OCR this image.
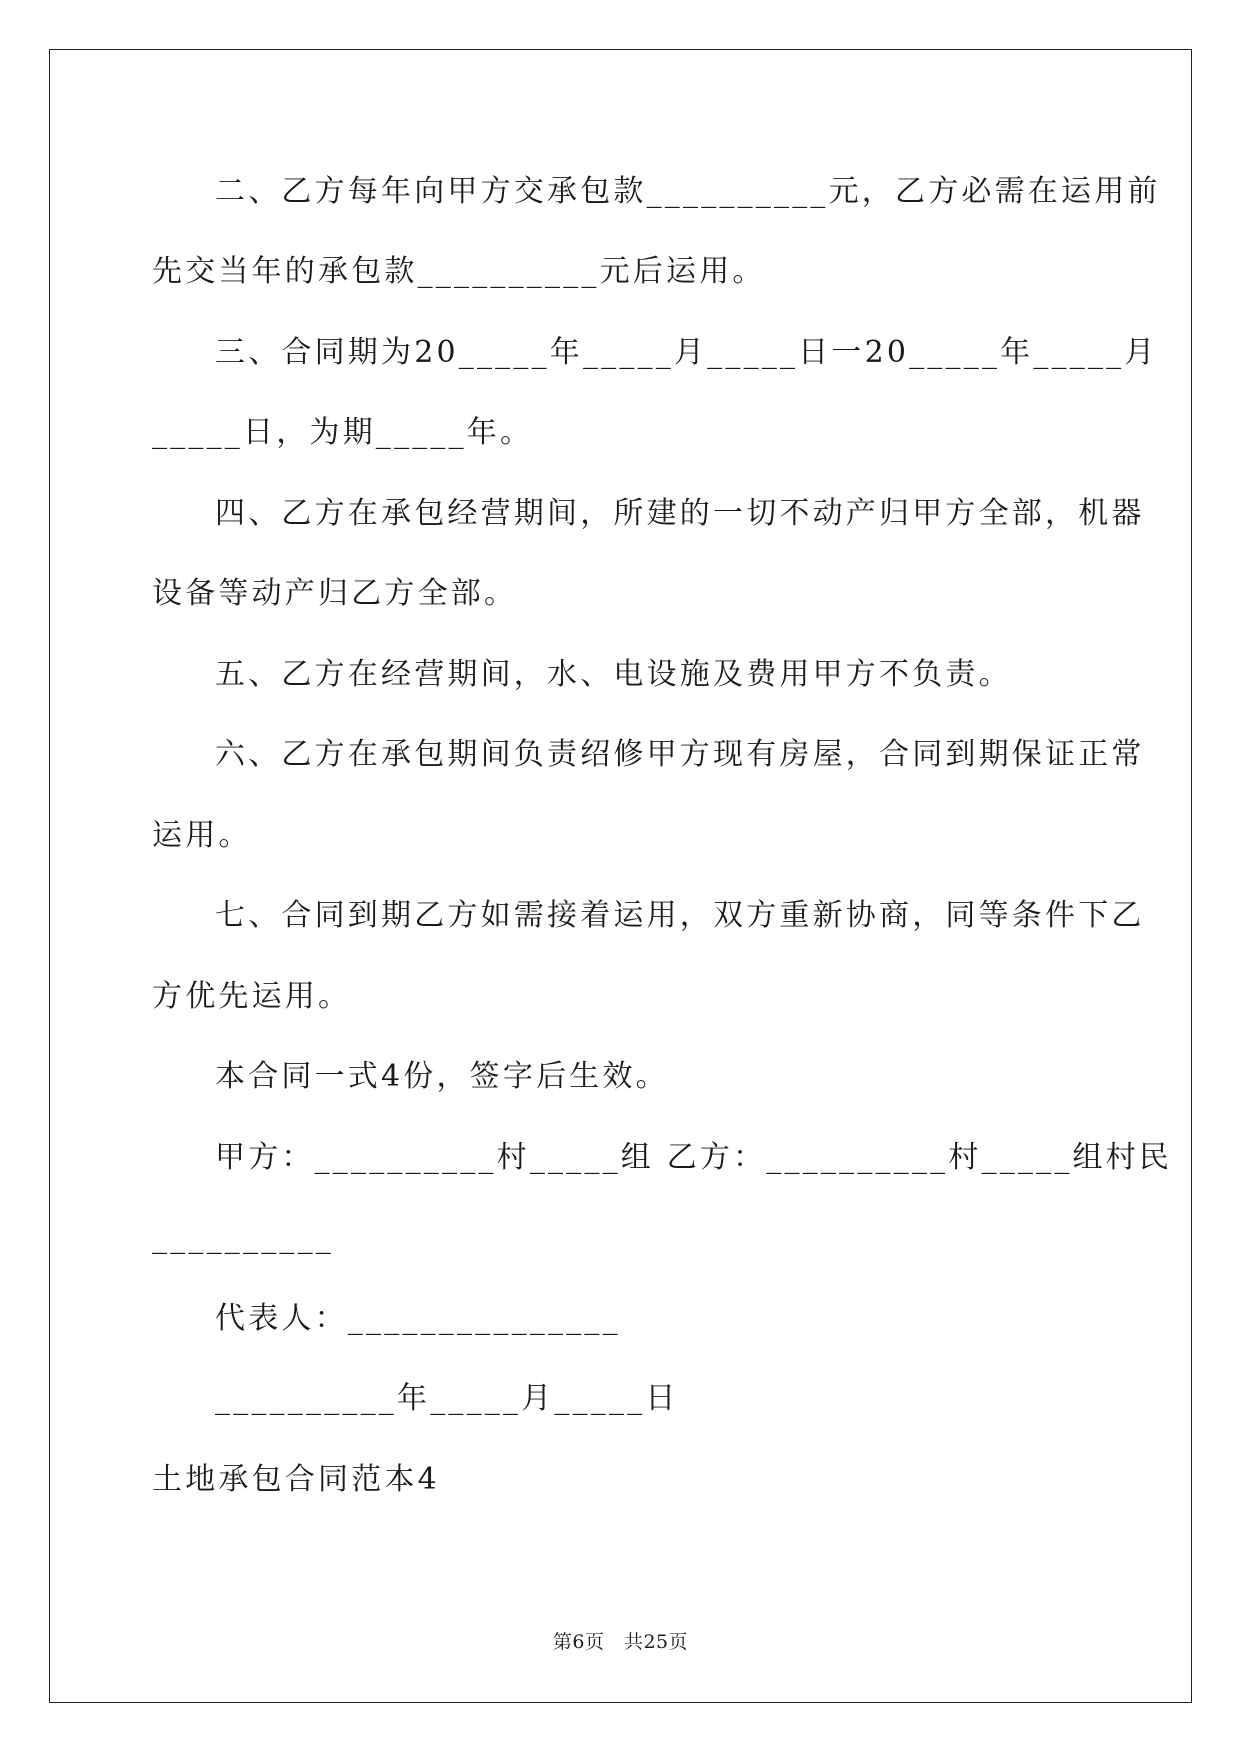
二、乙方每年向甲方交承包款__________元，乙方必需在运用前
先交当年的承包款__________元后运用。
三、合同期为20_____年_____月_____日一20_____年_____月
_____日，为期_____年。
四、乙方在承包经营期间，所建的一切不动产归甲方全部，机器
设备等动产归乙方全部。
五、乙方在经营期间，水、电设施及费用甲方不负责。
六、乙方在承包期间负责绍修甲方现有房屋，合同到期保证正常
运用。
七、合同到期乙方如需接着运用，双方重新协商，同等条件下乙
方优先运用。
本合同一式4份，签字后生效。
甲方：__________村_____组 乙方：__________村_____组村民
__________
代表人：_______________
__________年_____月_____日
土地承包合同范本4
第6页　共25页
